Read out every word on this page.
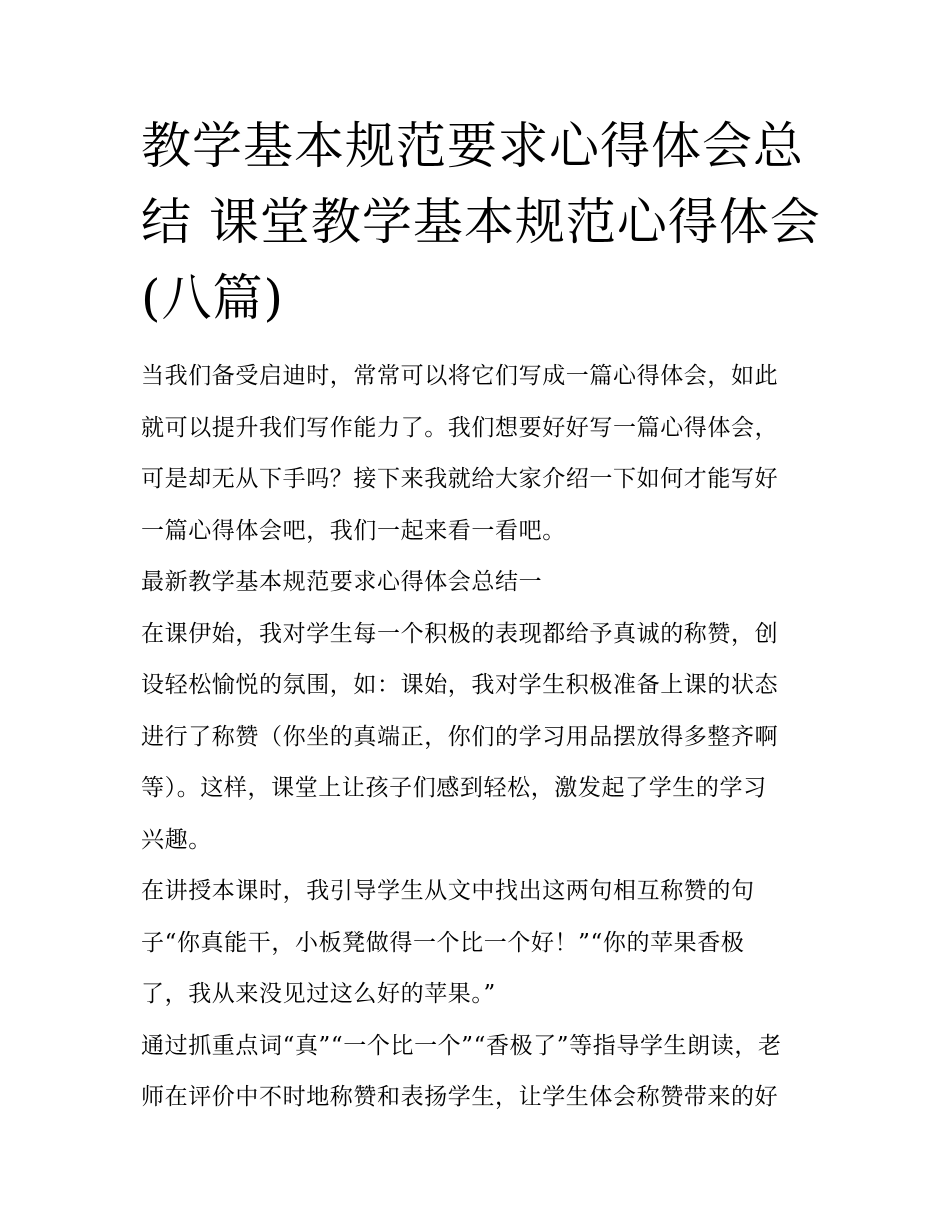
教学基本规范要求心得体会总
结 课堂教学基本规范心得体会
(八篇)
当我们备受启迪时，常常可以将它们写成一篇心得体会，如此
就可以提升我们写作能力了。我们想要好好写一篇心得体会，
可是却无从下手吗？接下来我就给大家介绍一下如何才能写好
一篇心得体会吧，我们一起来看一看吧。
最新教学基本规范要求心得体会总结一
在课伊始，我对学生每一个积极的表现都给予真诚的称赞，创
设轻松愉悦的氛围，如：课始，我对学生积极准备上课的状态
进行了称赞（你坐的真端正，你们的学习用品摆放得多整齐啊
等）。这样，课堂上让孩子们感到轻松，激发起了学生的学习
兴趣。
在讲授本课时，我引导学生从文中找出这两句相互称赞的句
子“你真能干，小板凳做得一个比一个好！”“你的苹果香极
了，我从来没见过这么好的苹果。”
通过抓重点词“真”“一个比一个”“香极了”等指导学生朗读，老
师在评价中不时地称赞和表扬学生，让学生体会称赞带来的好
